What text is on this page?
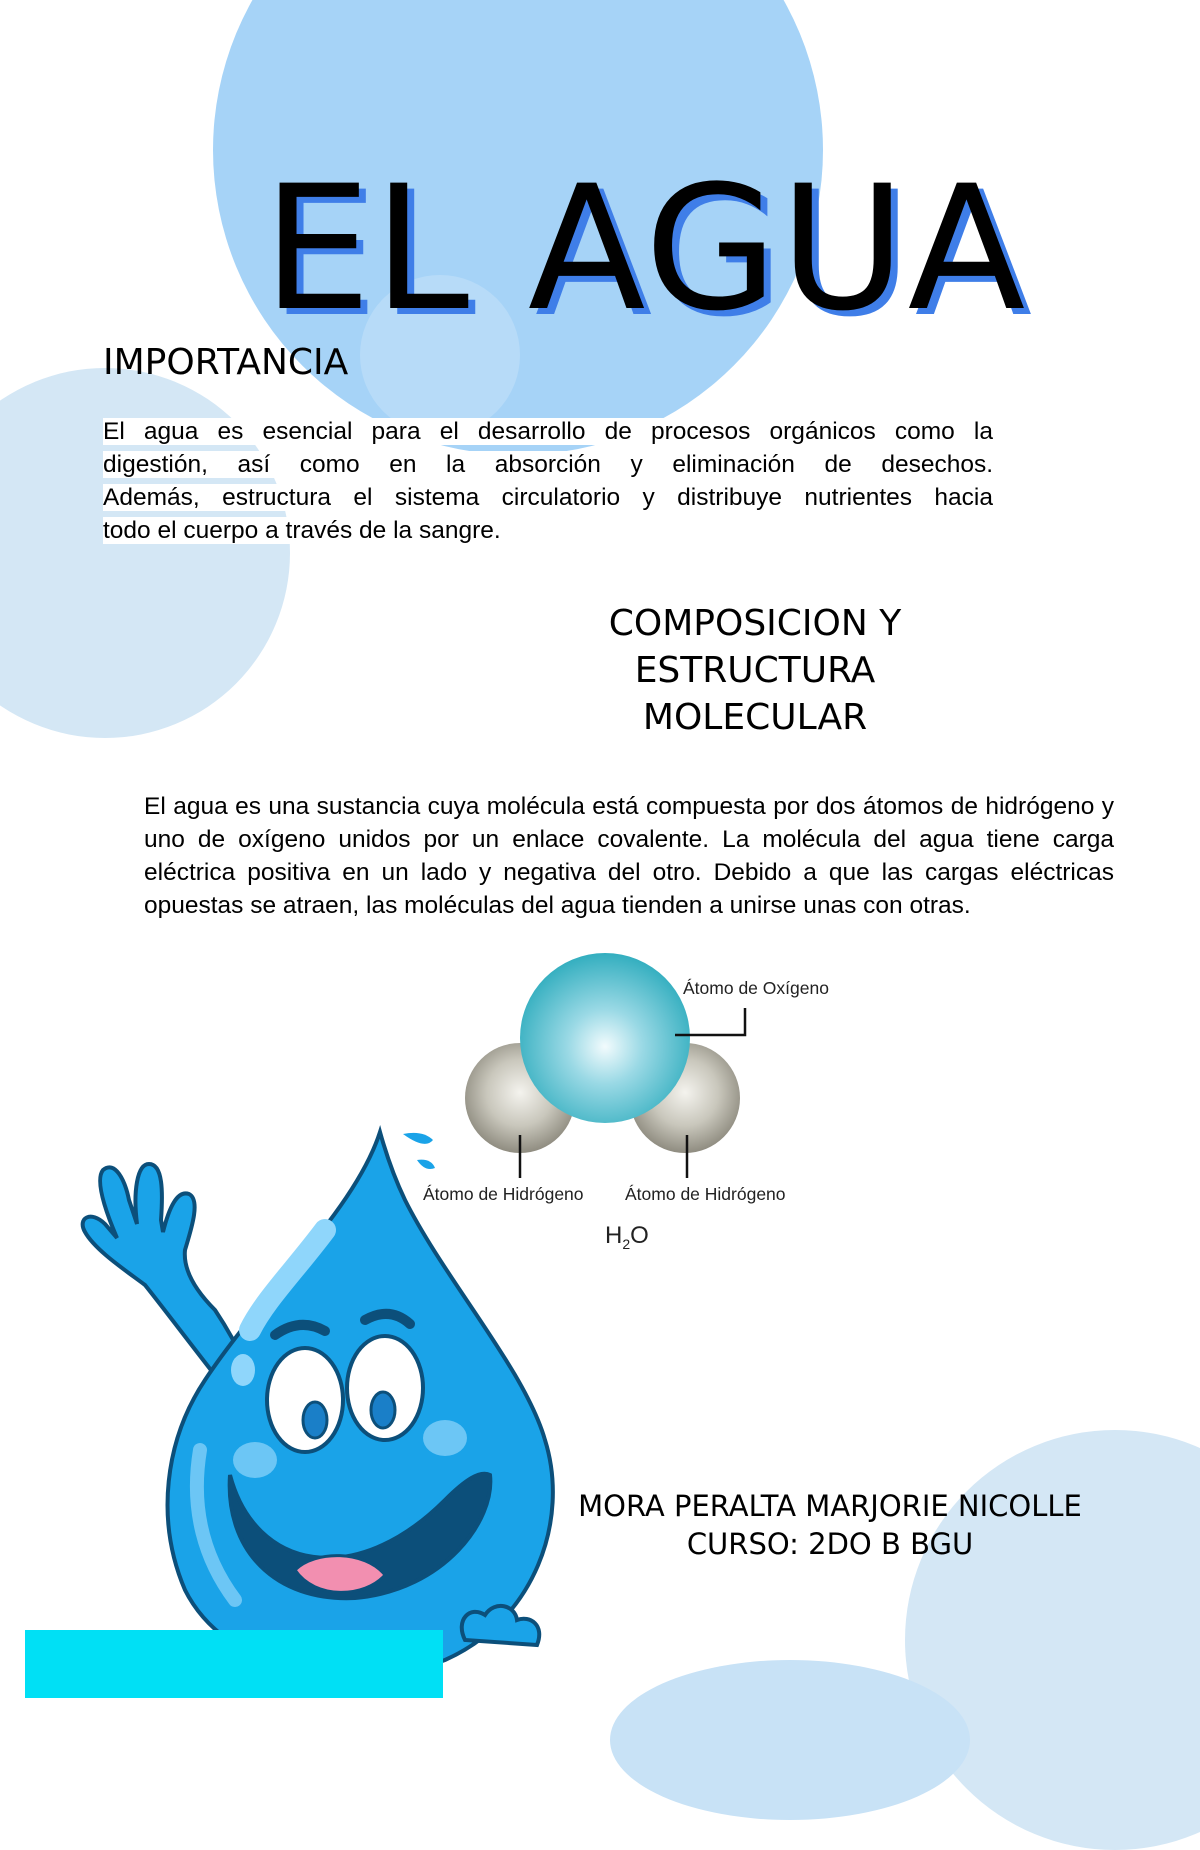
EL AGUA
IMPORTANCIA
El agua es esencial para el desarrollo de procesos orgánicos como la
digestión, así como en la absorción y eliminación de desechos.
Además, estructura el sistema circulatorio y distribuye nutrientes hacia
todo el cuerpo a través de la sangre.
COMPOSICION Y
ESTRUCTURA
MOLECULAR
El agua es una sustancia cuya molécula está compuesta por dos átomos de hidrógeno y uno de oxígeno unidos por un enlace covalente. La molécula del agua tiene carga eléctrica positiva en un lado y negativa del otro. Debido a que las cargas eléctricas opuestas se atraen, las moléculas del agua tienden a unirse unas con otras.
Átomo de Oxígeno
Átomo de Hidrógeno Átomo de Hidrógeno
$H_2O$
MORA PERALTA MARJORIE NICOLLE
CURSO: 2DO B BGU
